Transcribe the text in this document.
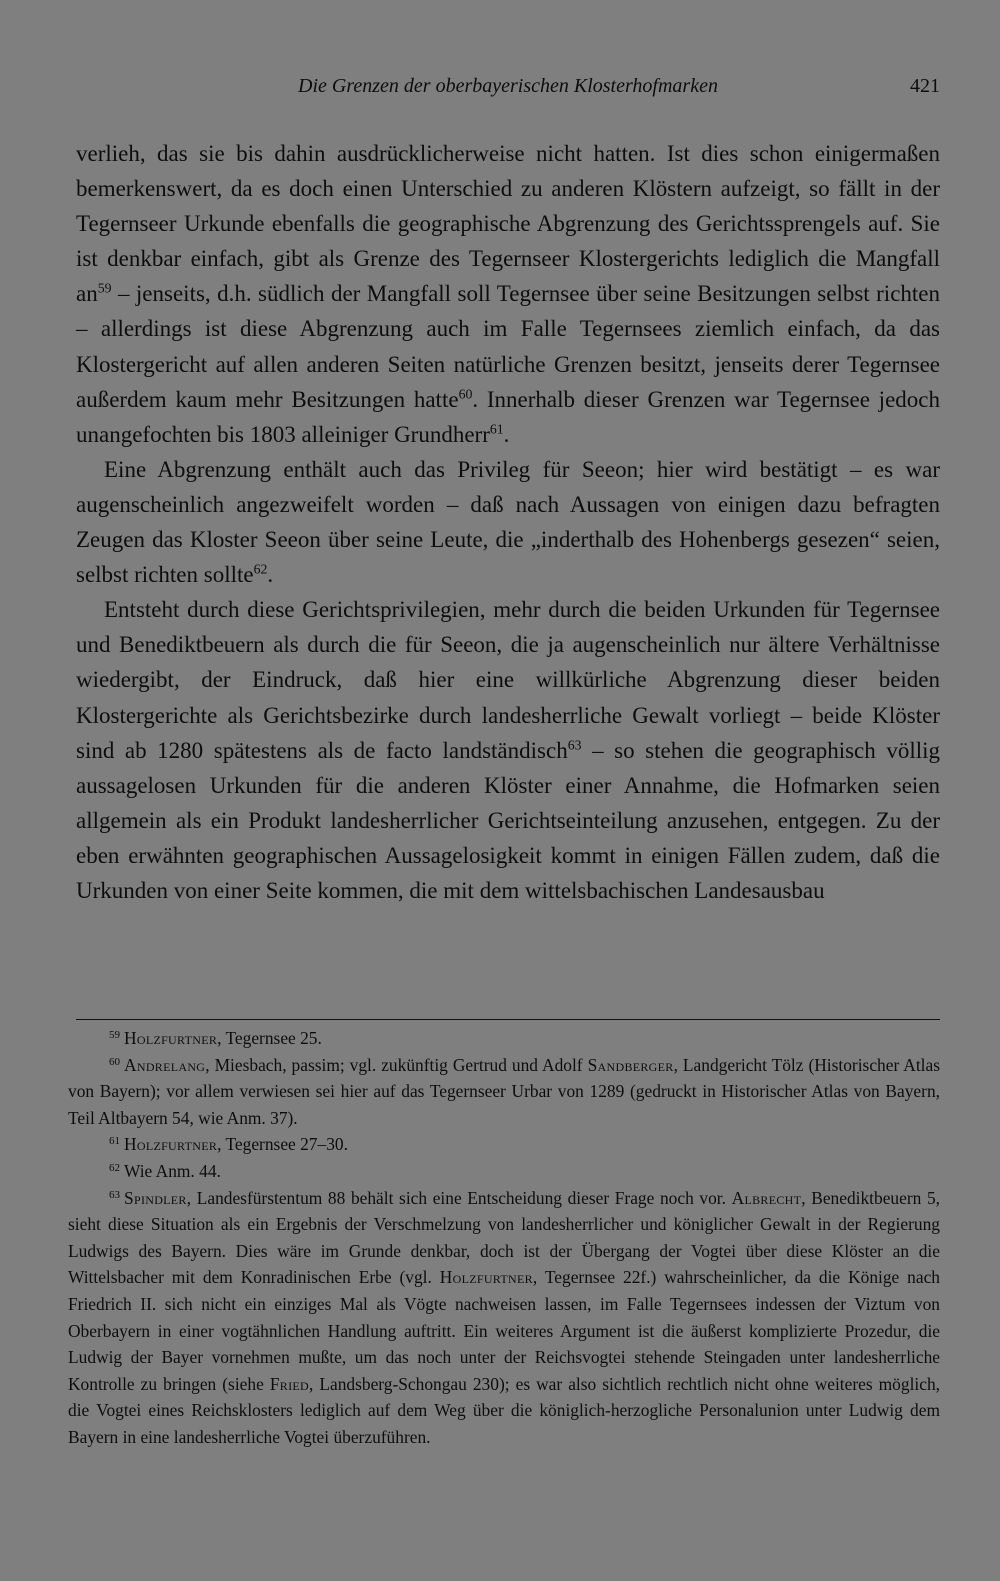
Die Grenzen der oberbayerischen Klosterhofmarken	421

verlieh, das sie bis dahin ausdrücklicherweise nicht hatten. Ist dies schon einigermaßen bemerkenswert, da es doch einen Unterschied zu anderen Klöstern aufzeigt, so fällt in der Tegernseer Urkunde ebenfalls die geographische Abgrenzung des Gerichtssprengels auf. Sie ist denkbar einfach, gibt als Grenze des Tegernseer Klostergerichts lediglich die Mangfall $an^{59}$ – jenseits, d.h. südlich der Mangfall soll Tegernsee über seine Besitzungen selbst richten – allerdings ist diese Abgrenzung auch im Falle Tegernsees ziemlich einfach, da das Klostergericht auf allen anderen Seiten natürliche Grenzen besitzt, jenseits derer Tegernsee außerdem kaum mehr Besitzungen hatte$^{60}$. Innerhalb dieser Grenzen war Tegernsee jedoch unangefochten bis 1803 alleiniger Grundherr$^{61}$.

Eine Abgrenzung enthält auch das Privileg für Seeon; hier wird bestätigt – es war augenscheinlich angezweifelt worden – daß nach Aussagen von einigen dazu befragten Zeugen das Kloster Seeon über seine Leute, die „inderthalb des Hohenbergs gesezen“ seien, selbst richten sollte$^{62}$.

Entsteht durch diese Gerichtsprivilegien, mehr durch die beiden Urkunden für Tegernsee und Benediktbeuern als durch die für Seeon, die ja augenscheinlich nur ältere Verhältnisse wiedergibt, der Eindruck, daß hier eine willkürliche Abgrenzung dieser beiden Klostergerichte als Gerichtsbezirke durch landesherrliche Gewalt vorliegt – beide Klöster sind ab 1280 spätestens als de facto landständisch$^{63}$ – so stehen die geographisch völlig aussagelosen Urkunden für die anderen Klöster einer Annahme, die Hofmarken seien allgemein als ein Produkt landesherrlicher Gerichtseinteilung anzusehen, entgegen. Zu der eben erwähnten geographischen Aussagelosigkeit kommt in einigen Fällen zudem, daß die Urkunden von einer Seite kommen, die mit dem wittelsbachischen Landesausbau

59 Holzfurtner, Tegernsee 25.

60 Andrelang, Miesbach, passim; vgl. zukünftig Gertrud und Adolf Sandberger, Landgericht Tölz (Historischer Atlas von Bayern); vor allem verwiesen sei hier auf das Tegernseer Urbar von 1289 (gedruckt in Historischer Atlas von Bayern, Teil Altbayern 54, wie Anm. 37).

61 Holzfurtner, Tegernsee 27–30.

62 Wie Anm. 44.

63 Spindler, Landesfürstentum 88 behält sich eine Entscheidung dieser Frage noch vor. Albrecht, Benediktbeuern 5, sieht diese Situation als ein Ergebnis der Verschmelzung von landesherrlicher und königlicher Gewalt in der Regierung Ludwigs des Bayern. Dies wäre im Grunde denkbar, doch ist der Übergang der Vogtei über diese Klöster an die Wittelsbacher mit dem Konradinischen Erbe (vgl. Holzfurtner, Tegernsee 22f.) wahrscheinlicher, da die Könige nach Friedrich II. sich nicht ein einziges Mal als Vögte nachweisen lassen, im Falle Tegernsees indessen der Viztum von Oberbayern in einer vogtähnlichen Handlung auftritt. Ein weiteres Argument ist die äußerst komplizierte Prozedur, die Ludwig der Bayer vornehmen mußte, um das noch unter der Reichsvogtei stehende Steingaden unter landesherrliche Kontrolle zu bringen (siehe Fried, Landsberg-Schongau 230); es war also sichtlich rechtlich nicht ohne weiteres möglich, die Vogtei eines Reichsklosters lediglich auf dem Weg über die königlich-herzogliche Personalunion unter Ludwig dem Bayern in eine landesherrliche Vogtei überzuführen.
